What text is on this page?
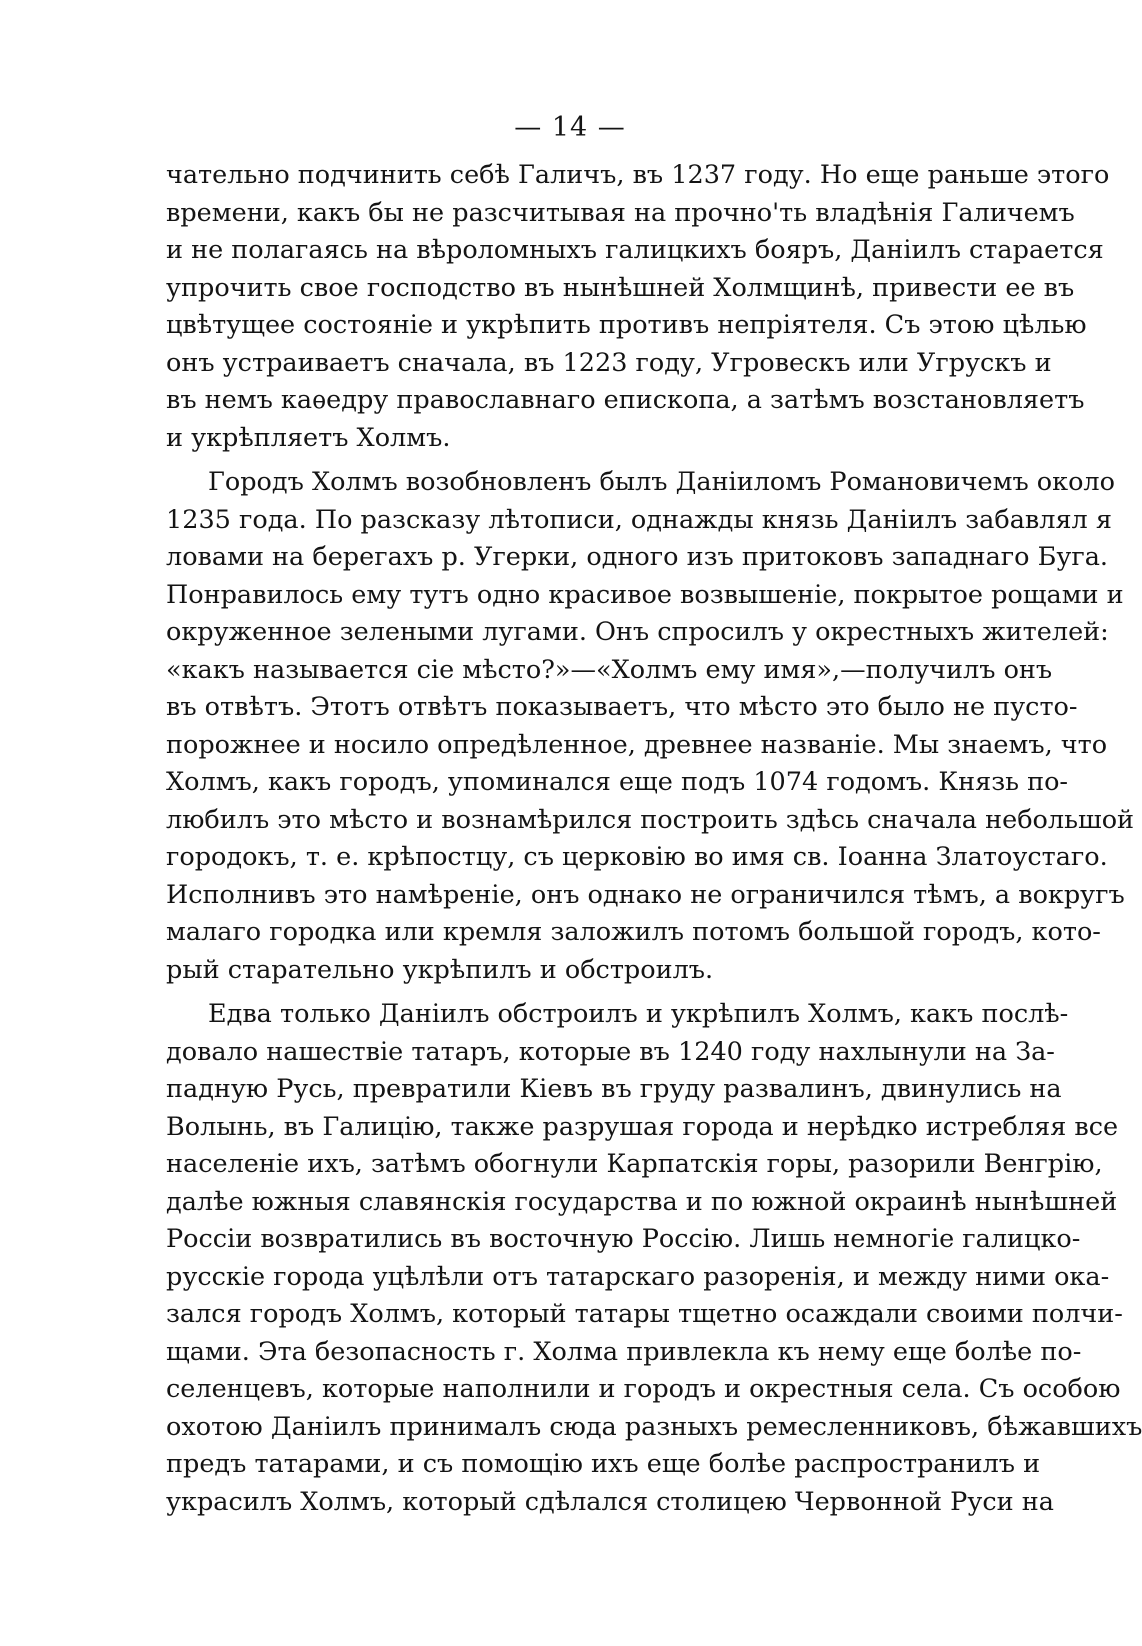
— 14 —
чательно подчинить себѣ Галичъ, въ 1237 году. Но еще раньше этого
времени, какъ бы не разсчитывая на прочно'ть владѣнія Галичемъ
и не полагаясь на вѣроломныхъ галицкихъ бояръ, Даніилъ старается
упрочить свое господство въ нынѣшней Холмщинѣ, привести ее въ
цвѣтущее состояніе и укрѣпить противъ непріятеля. Съ этою цѣлью
онъ устраиваетъ сначала, въ 1223 году, Угровескъ или Угрускъ и
въ немъ каѳедру православнаго епископа, а затѣмъ возстановляетъ
и укрѣпляетъ Холмъ.
Городъ Холмъ возобновленъ былъ Даніиломъ Романовичемъ около
1235 года. По разсказу лѣтописи, однажды князь Даніилъ забавлял я
ловами на берегахъ р. Угерки, одного изъ притоковъ западнаго Буга.
Понравилось ему тутъ одно красивое возвышеніе, покрытое рощами и
окруженное зелеными лугами. Онъ спросилъ у окрестныхъ жителей:
«какъ называется сіе мѣсто?»—«Холмъ ему имя»,—получилъ онъ
въ отвѣтъ. Этотъ отвѣтъ показываетъ, что мѣсто это было не пусто-
порожнее и носило опредѣленное, древнее названіе. Мы знаемъ, что
Холмъ, какъ городъ, упоминался еще подъ 1074 годомъ. Князь по-
любилъ это мѣсто и вознамѣрился построить здѣсь сначала небольшой
городокъ, т. е. крѣпостцу, съ церковію во имя св. Іоанна Златоустаго.
Исполнивъ это намѣреніе, онъ однако не ограничился тѣмъ, а вокругъ
малаго городка или кремля заложилъ потомъ большой городъ, кото-
рый старательно укрѣпилъ и обстроилъ.
Едва только Даніилъ обстроилъ и укрѣпилъ Холмъ, какъ послѣ-
довало нашествіе татаръ, которые въ 1240 году нахлынули на За-
падную Русь, превратили Кіевъ въ груду развалинъ, двинулись на
Волынь, въ Галицію, также разрушая города и нерѣдко истребляя все
населеніе ихъ, затѣмъ обогнули Карпатскія горы, разорили Венгрію,
далѣе южныя славянскія государства и по южной окраинѣ нынѣшней
Россіи возвратились въ восточную Россію. Лишь немногіе галицко-
русскіе города уцѣлѣли отъ татарскаго разоренія, и между ними ока-
зался городъ Холмъ, который татары тщетно осаждали своими полчи-
щами. Эта безопасность г. Холма привлекла къ нему еще болѣе по-
селенцевъ, которые наполнили и городъ и окрестныя села. Съ особою
охотою Даніилъ принималъ сюда разныхъ ремесленниковъ, бѣжавшихъ
предъ татарами, и съ помощію ихъ еще болѣе распространилъ и
украсилъ Холмъ, который сдѣлался столицею Червонной Руси на
